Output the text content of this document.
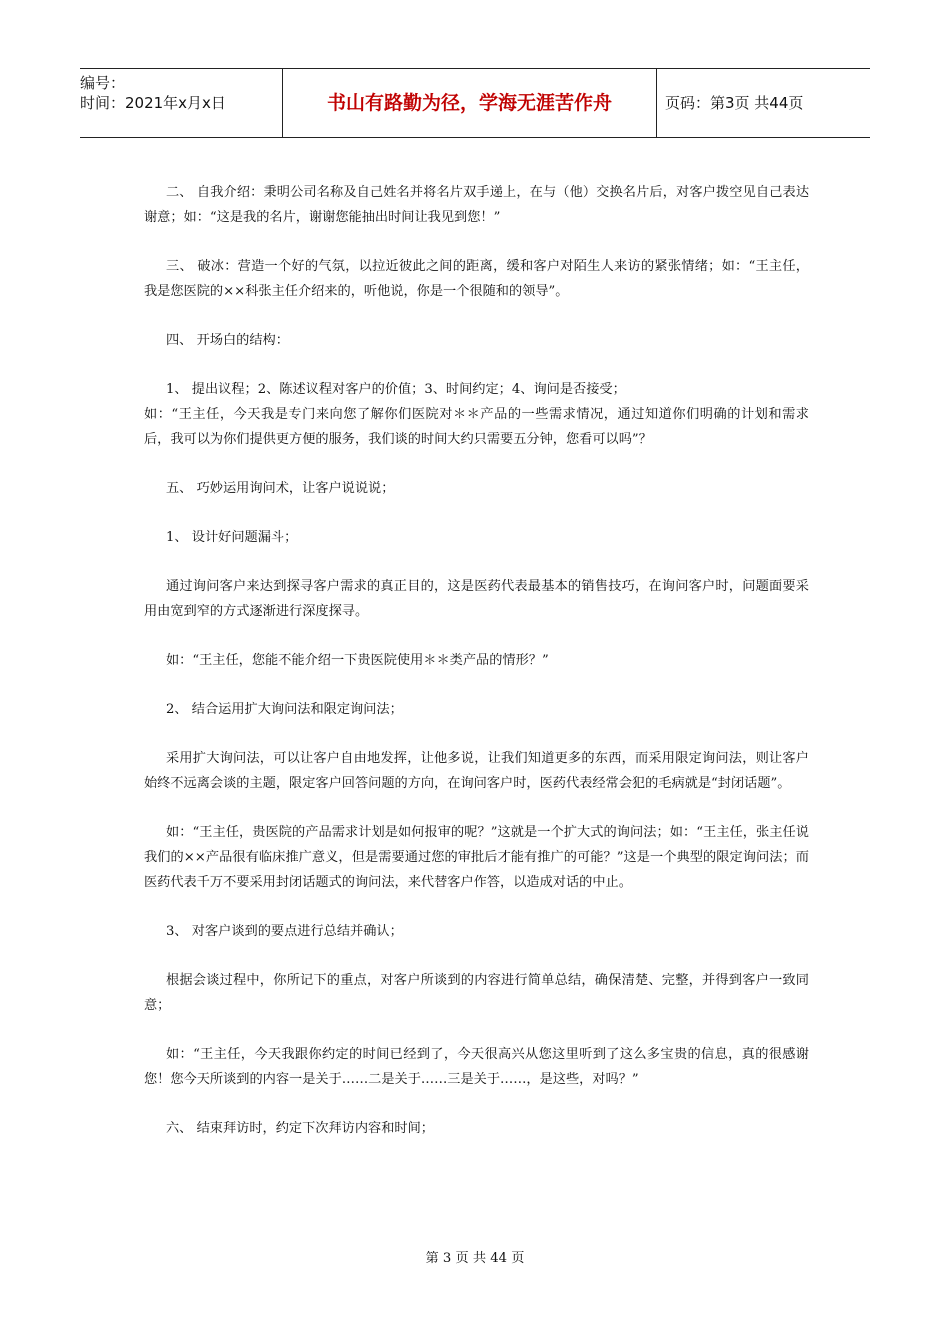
编号：
时间：2021年x月x日	书山有路勤为径，学海无涯苦作舟	页码：第3页 共44页

二、 自我介绍：秉明公司名称及自己姓名并将名片双手递上，在与（他）交换名片后，对客户拨空见自己表达谢意；如：“这是我的名片，谢谢您能抽出时间让我见到您！”

三、 破冰：营造一个好的气氛，以拉近彼此之间的距离，缓和客户对陌生人来访的紧张情绪；如：“王主任，我是您医院的××科张主任介绍来的，听他说，你是一个很随和的领导”。

四、 开场白的结构：

1、 提出议程；2、陈述议程对客户的价值；3、时间约定；4、询问是否接受；

如：“王主任，今天我是专门来向您了解你们医院对＊＊产品的一些需求情况，通过知道你们明确的计划和需求后，我可以为你们提供更方便的服务，我们谈的时间大约只需要五分钟，您看可以吗”？

五、 巧妙运用询问术，让客户说说说；

1、 设计好问题漏斗；

通过询问客户来达到探寻客户需求的真正目的，这是医药代表最基本的销售技巧，在询问客户时，问题面要采用由宽到窄的方式逐渐进行深度探寻。

如：“王主任，您能不能介绍一下贵医院使用＊＊类产品的情形？”

2、 结合运用扩大询问法和限定询问法；

采用扩大询问法，可以让客户自由地发挥，让他多说，让我们知道更多的东西，而采用限定询问法，则让客户始终不远离会谈的主题，限定客户回答问题的方向，在询问客户时，医药代表经常会犯的毛病就是“封闭话题”。

如：“王主任，贵医院的产品需求计划是如何报审的呢？”这就是一个扩大式的询问法；如：“王主任，张主任说我们的××产品很有临床推广意义，但是需要通过您的审批后才能有推广的可能？”这是一个典型的限定询问法；而医药代表千万不要采用封闭话题式的询问法，来代替客户作答，以造成对话的中止。

3、 对客户谈到的要点进行总结并确认；

根据会谈过程中，你所记下的重点，对客户所谈到的内容进行简单总结，确保清楚、完整，并得到客户一致同意；

如：“王主任，今天我跟你约定的时间已经到了，今天很高兴从您这里听到了这么多宝贵的信息，真的很感谢您！您今天所谈到的内容一是关于……二是关于……三是关于……，是这些，对吗？”

六、 结束拜访时，约定下次拜访内容和时间；

第 3 页 共 44 页
